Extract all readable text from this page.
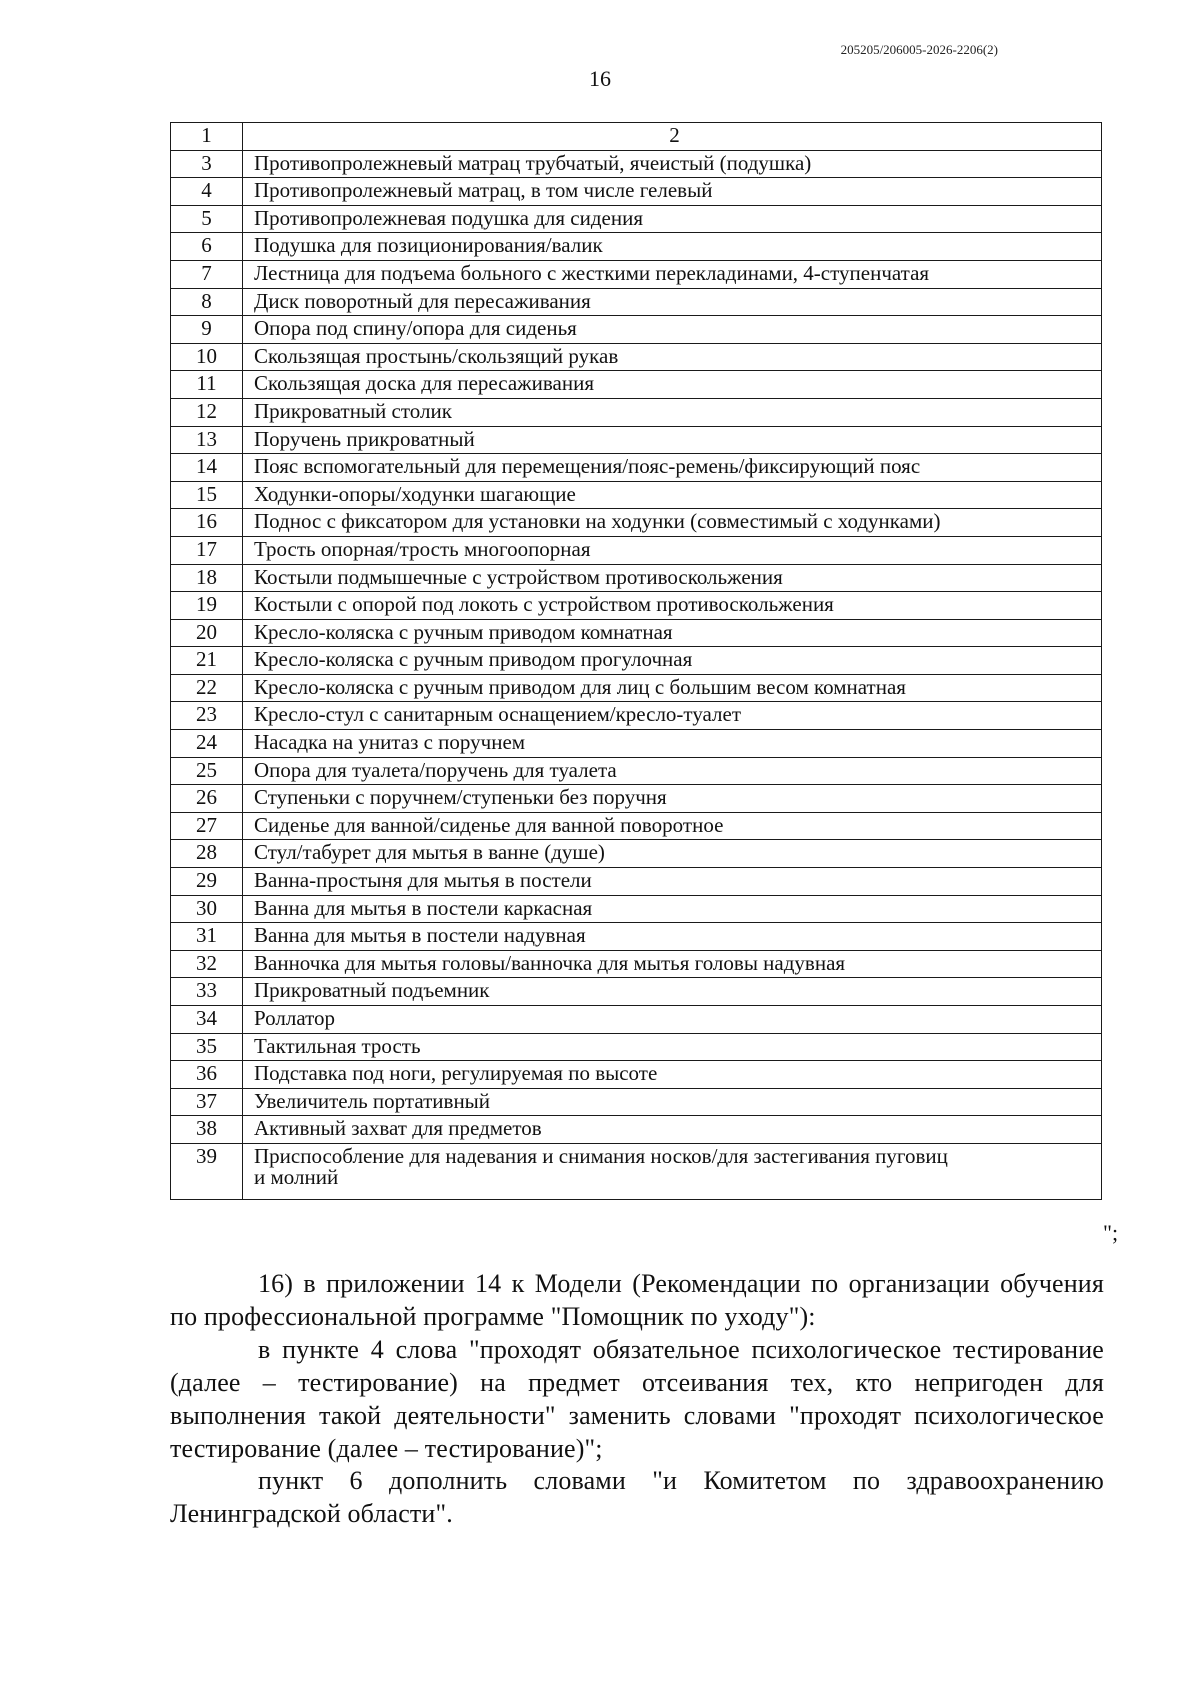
205205/206005-2026-2206(2)
16
1	2
3	Противопролежневый матрац трубчатый, ячеистый (подушка)
4	Противопролежневый матрац, в том числе гелевый
5	Противопролежневая подушка для сидения
6	Подушка для позиционирования/валик
7	Лестница для подъема больного с жесткими перекладинами, 4-ступенчатая
8	Диск поворотный для пересаживания
9	Опора под спину/опора для сиденья
10	Скользящая простынь/скользящий рукав
11	Скользящая доска для пересаживания
12	Прикроватный столик
13	Поручень прикроватный
14	Пояс вспомогательный для перемещения/пояс-ремень/фиксирующий пояс
15	Ходунки-опоры/ходунки шагающие
16	Поднос с фиксатором для установки на ходунки (совместимый с ходунками)
17	Трость опорная/трость многоопорная
18	Костыли подмышечные с устройством противоскольжения
19	Костыли с опорой под локоть с устройством противоскольжения
20	Кресло-коляска с ручным приводом комнатная
21	Кресло-коляска с ручным приводом прогулочная
22	Кресло-коляска с ручным приводом для лиц с большим весом комнатная
23	Кресло-стул с санитарным оснащением/кресло-туалет
24	Насадка на унитаз с поручнем
25	Опора для туалета/поручень для туалета
26	Ступеньки с поручнем/ступеньки без поручня
27	Сиденье для ванной/сиденье для ванной поворотное
28	Стул/табурет для мытья в ванне (душе)
29	Ванна-простыня для мытья в постели
30	Ванна для мытья в постели каркасная
31	Ванна для мытья в постели надувная
32	Ванночка для мытья головы/ванночка для мытья головы надувная
33	Прикроватный подъемник
34	Роллатор
35	Тактильная трость
36	Подставка под ноги, регулируемая по высоте
37	Увеличитель портативный
38	Активный захват для предметов
39	Приспособление для надевания и снимания носков/для застегивания пуговиц
и молний
";
16) в приложении 14 к Модели (Рекомендации по организации обучения по профессиональной программе "Помощник по уходу"):
в пункте 4 слова "проходят обязательное психологическое тестирование (далее – тестирование) на предмет отсеивания тех, кто непригоден для выполнения такой деятельности" заменить словами "проходят психологическое тестирование (далее – тестирование)";
пункт 6 дополнить словами "и Комитетом по здравоохранению Ленинградской области".
